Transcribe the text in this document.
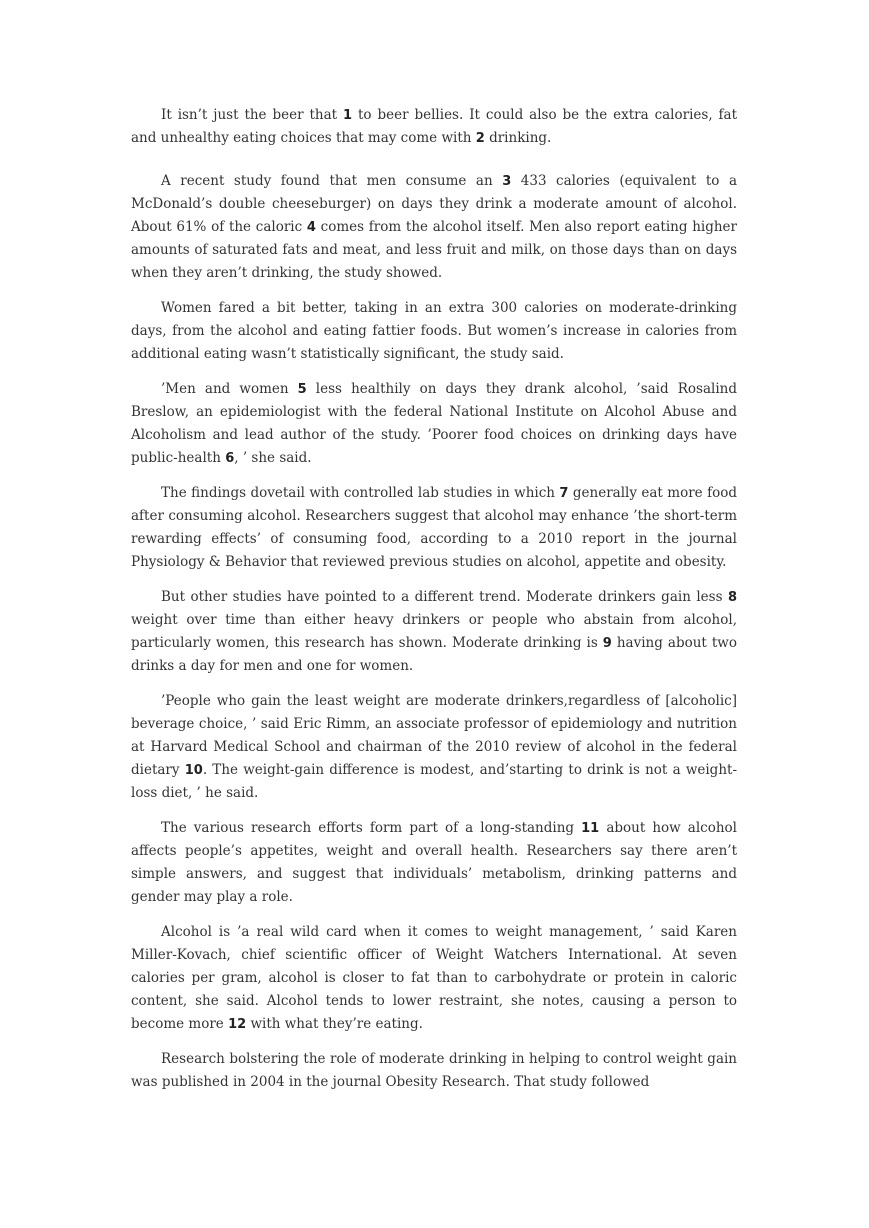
It isn’t just the beer that 1 to beer bellies. It could also be the extra calories, fat and unhealthy eating choices that may come with 2 drinking.

A recent study found that men consume an 3 433 calories (equivalent to a McDonald’s double cheeseburger) on days they drink a moderate amount of alcohol. About 61% of the caloric 4 comes from the alcohol itself. Men also report eating higher amounts of saturated fats and meat, and less fruit and milk, on those days than on days when they aren’t drinking, the study showed.

Women fared a bit better, taking in an extra 300 calories on moderate-drinking days, from the alcohol and eating fattier foods. But women’s increase in calories from additional eating wasn’t statistically significant, the study said.

’Men and women 5 less healthily on days they drank alcohol, ’said Rosalind Breslow, an epidemiologist with the federal National Institute on Alcohol Abuse and Alcoholism and lead author of the study. ’Poorer food choices on drinking days have public-health 6, ’ she said.

The findings dovetail with controlled lab studies in which 7 generally eat more food after consuming alcohol. Researchers suggest that alcohol may enhance ’the short-term rewarding effects’ of consuming food, according to a 2010 report in the journal Physiology & Behavior that reviewed previous studies on alcohol, appetite and obesity.

But other studies have pointed to a different trend. Moderate drinkers gain less 8 weight over time than either heavy drinkers or people who abstain from alcohol, particularly women, this research has shown. Moderate drinking is 9 having about two drinks a day for men and one for women.

’People who gain the least weight are moderate drinkers,regardless of [alcoholic] beverage choice, ’ said Eric Rimm, an associate professor of epidemiology and nutrition at Harvard Medical School and chairman of the 2010 review of alcohol in the federal dietary 10. The weight-gain difference is modest, and’starting to drink is not a weight-loss diet, ’ he said.

The various research efforts form part of a long-standing 11 about how alcohol affects people’s appetites, weight and overall health. Researchers say there aren’t simple answers, and suggest that individuals’ metabolism, drinking patterns and gender may play a role.

Alcohol is ’a real wild card when it comes to weight management, ’ said Karen Miller-Kovach, chief scientific officer of Weight Watchers International. At seven calories per gram, alcohol is closer to fat than to carbohydrate or protein in caloric content, she said. Alcohol tends to lower restraint, she notes, causing a person to become more 12 with what they’re eating.

Research bolstering the role of moderate drinking in helping to control weight gain was published in 2004 in the journal Obesity Research. That study followed
